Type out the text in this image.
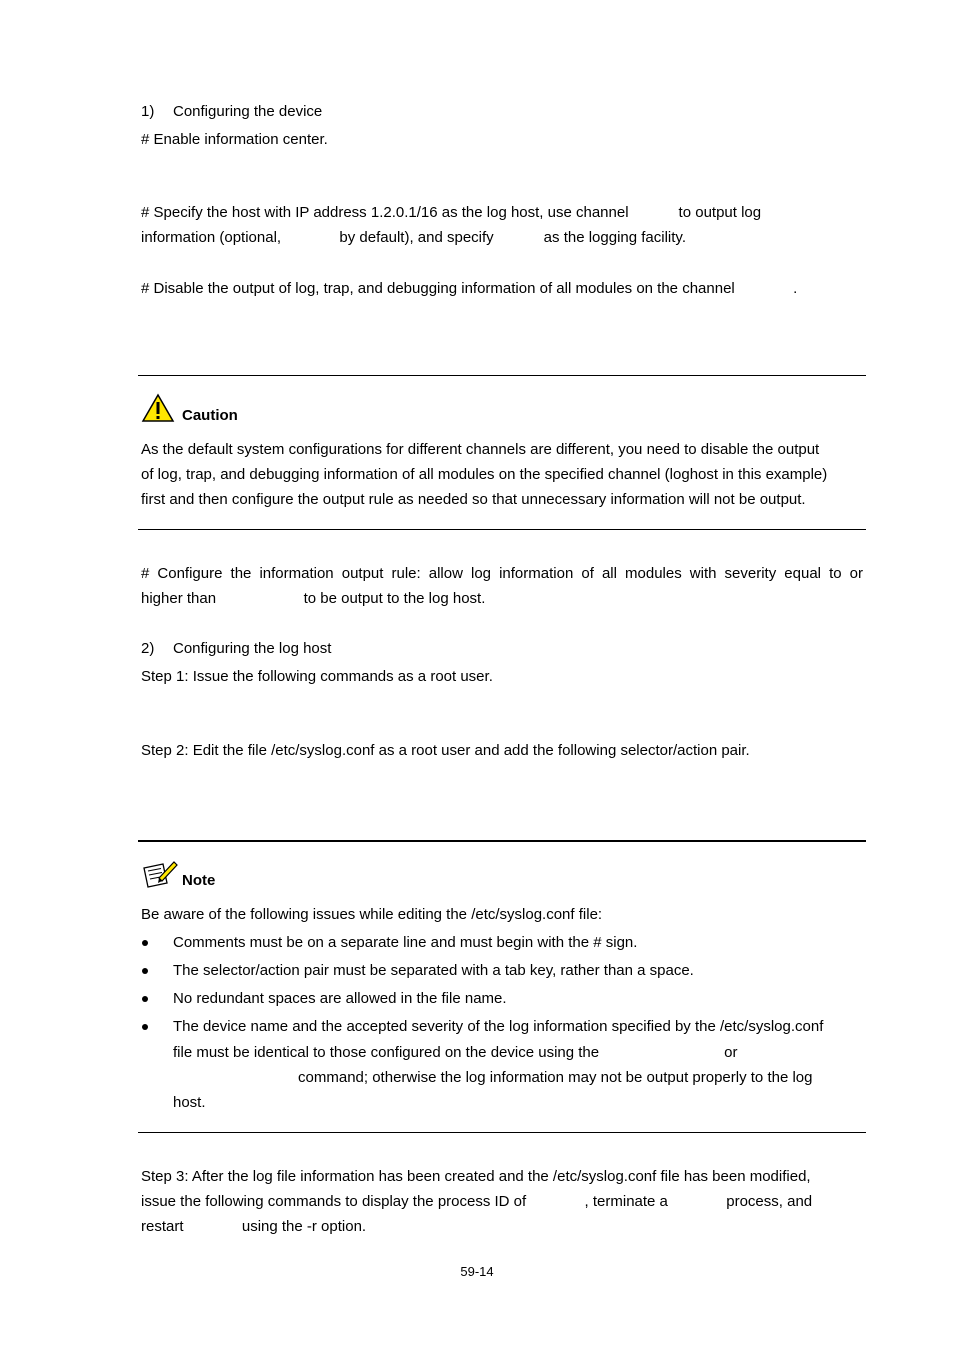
1) Configuring the device

# Enable information center.

# Specify the host with IP address 1.2.0.1/16 as the log host, use channel            to output log

information (optional,              by default), and specify            as the logging facility.

# Disable the output of log, trap, and debugging information of all modules on the channel              .

Caution

As the default system configurations for different channels are different, you need to disable the output

of log, trap, and debugging information of all modules on the specified channel (loghost in this example)

first and then configure the output rule as needed so that unnecessary information will not be output.

# Configure the information output rule: allow log information of all modules with severity equal to or

higher than                     to be output to the log host.

2) Configuring the log host

Step 1: Issue the following commands as a root user.

Step 2: Edit the file /etc/syslog.conf as a root user and add the following selector/action pair.

Note

Be aware of the following issues while editing the /etc/syslog.conf file:

Comments must be on a separate line and must begin with the # sign.
The selector/action pair must be separated with a tab key, rather than a space.
No redundant spaces are allowed in the file name.
The device name and the accepted severity of the log information specified by the /etc/syslog.conf
file must be identical to those configured on the device using the                              or
command; otherwise the log information may not be output properly to the log
host.

Step 3: After the log file information has been created and the /etc/syslog.conf file has been modified,

issue the following commands to display the process ID of              , terminate a              process, and

restart              using the -r option.

59-14
